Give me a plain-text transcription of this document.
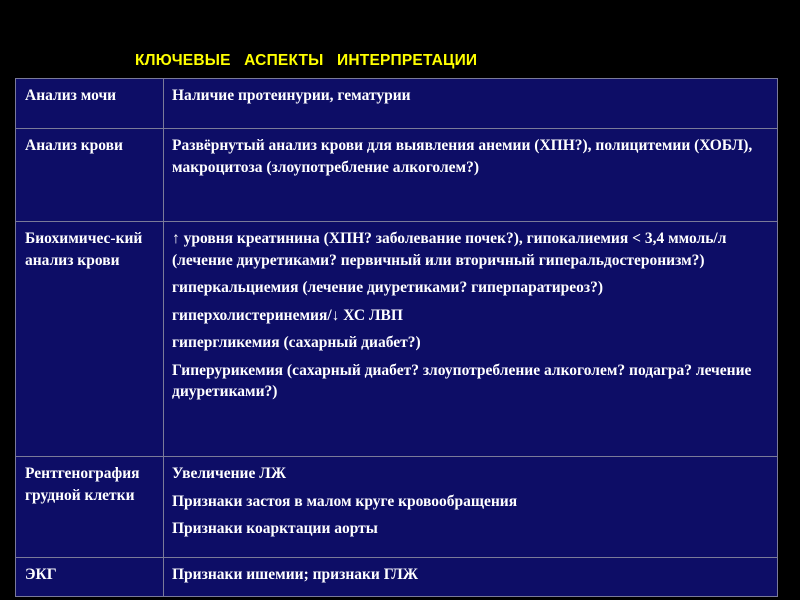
КЛЮЧЕВЫЕ   АСПЕКТЫ   ИНТЕРПРЕТАЦИИ

Анализ мочи	Наличие протеинурии, гематурии

Анализ крови	Развёрнутый анализ крови для выявления анемии (ХПН?), полицитемии (ХОБЛ), макроцитоза (злоупотребление алкоголем?)

Биохимичес-кий анализ крови	↑ уровня креатинина (ХПН? заболевание почек?), гипокалиемия < 3,4 ммоль/л (лечение диуретиками? первичный или вторичный гиперальдостеронизм?)
гиперкальциемия (лечение диуретиками? гиперпаратиреоз?)
гиперхолистеринемия/↓ ХС ЛВП
гипергликемия (сахарный диабет?)
Гиперурикемия (сахарный диабет? злоупотребление алкоголем? подагра? лечение диуретиками?)

Рентгенография грудной клетки	Увеличение ЛЖ
Признаки застоя в малом круге кровообращения
Признаки коарктации аорты

ЭКГ	Признаки ишемии; признаки ГЛЖ
